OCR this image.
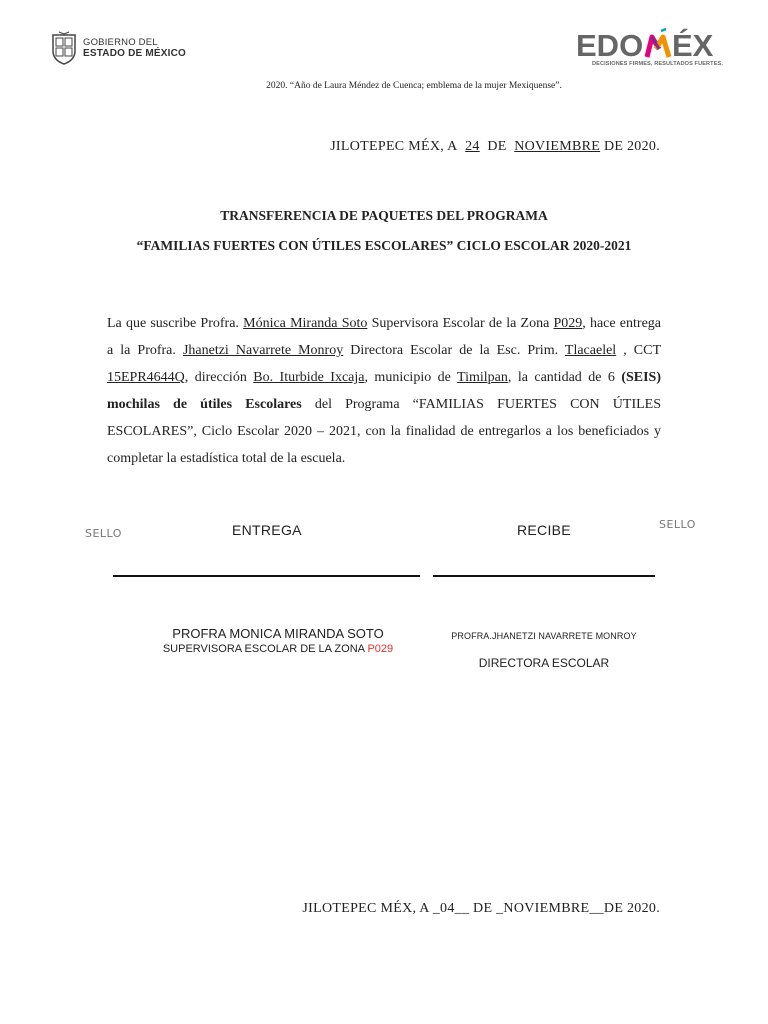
GOBIERNO DEL
ESTADO DE MÉXICO	EDO ÉX
DECISIONES FIRMES, RESULTADOS FUERTES.
2020. “Año de Laura Méndez de Cuenca; emblema de la mujer Mexiquense”.
JILOTEPEC MÉX, A 24 DE NOVIEMBRE DE 2020.
TRANSFERENCIA DE PAQUETES DEL PROGRAMA
“FAMILIAS FUERTES CON ÚTILES ESCOLARES” CICLO ESCOLAR 2020-2021
La que suscribe Profra. Mónica Miranda Soto Supervisora Escolar de la Zona P029, hace entrega a la Profra. Jhanetzi Navarrete Monroy Directora Escolar de la Esc. Prim. Tlacaelel , CCT 15EPR4644Q, dirección Bo. Iturbide Ixcaja, municipio de Timilpan, la cantidad de 6 (SEIS) mochilas de útiles Escolares del Programa “FAMILIAS FUERTES CON ÚTILES ESCOLARES”, Ciclo Escolar 2020 – 2021, con la finalidad de entregarlos a los beneficiados y completar la estadística total de la escuela.
SELLO
SELLO
ENTREGA	RECIBE
PROFRA MONICA MIRANDA SOTO
SUPERVISORA ESCOLAR DE LA ZONA P029
PROFRA.JHANETZI NAVARRETE MONROY
DIRECTORA ESCOLAR
JILOTEPEC MÉX, A _04__ DE _NOVIEMBRE__DE 2020.
